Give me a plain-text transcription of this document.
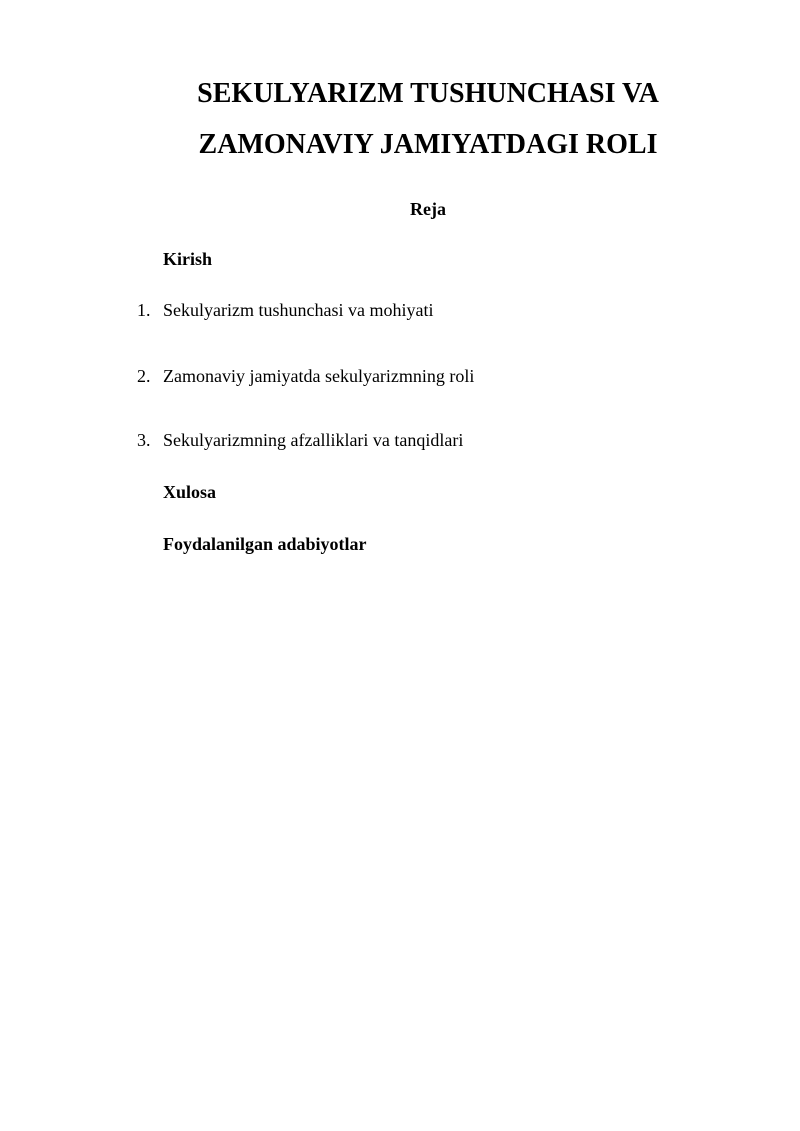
SEKULYARIZM TUSHUNCHASI VA
ZAMONAVIY JAMIYATDAGI ROLI
Reja
Kirish
1. Sekulyarizm tushunchasi va mohiyati
2. Zamonaviy jamiyatda sekulyarizmning roli
3. Sekulyarizmning afzalliklari va tanqidlari
Xulosa
Foydalanilgan adabiyotlar
